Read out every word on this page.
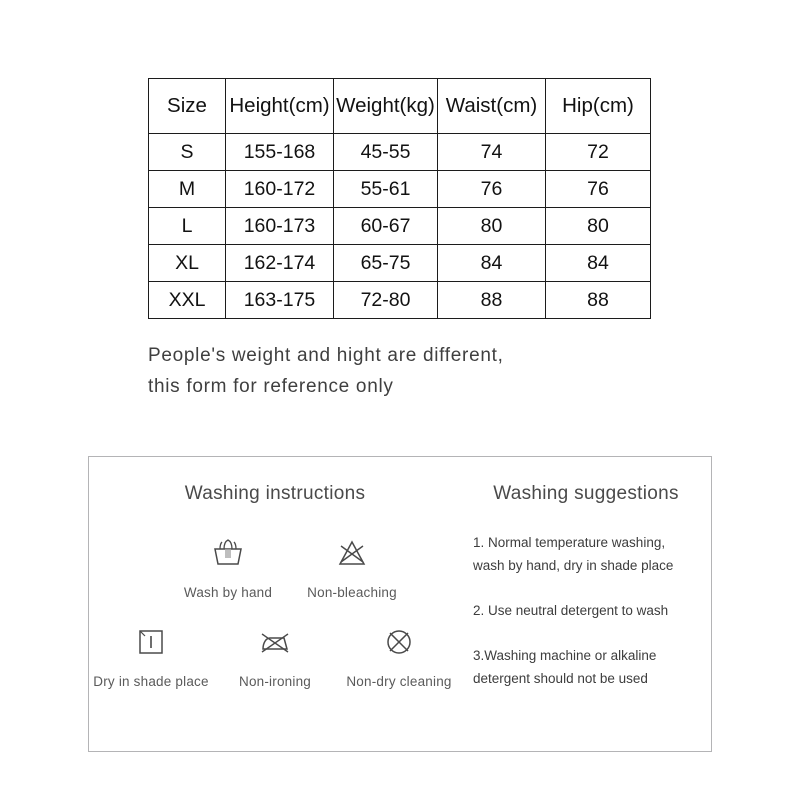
Size	Height(cm)	Weight(kg)	Waist(cm)	Hip(cm)
S	155-168	45-55	74	72
M	160-172	55-61	76	76
L	160-173	60-67	80	80
XL	162-174	65-75	84	84
XXL	163-175	72-80	88	88
People's weight and hight are different,
this form for reference only
Washing instructions
Wash by hand	Non-bleaching
Dry in shade place	Non-ironing	Non-dry cleaning
Washing suggestions
1. Normal temperature washing,
wash by hand, dry in shade place
2. Use neutral detergent to wash
3.Washing machine or alkaline
detergent should not be used
